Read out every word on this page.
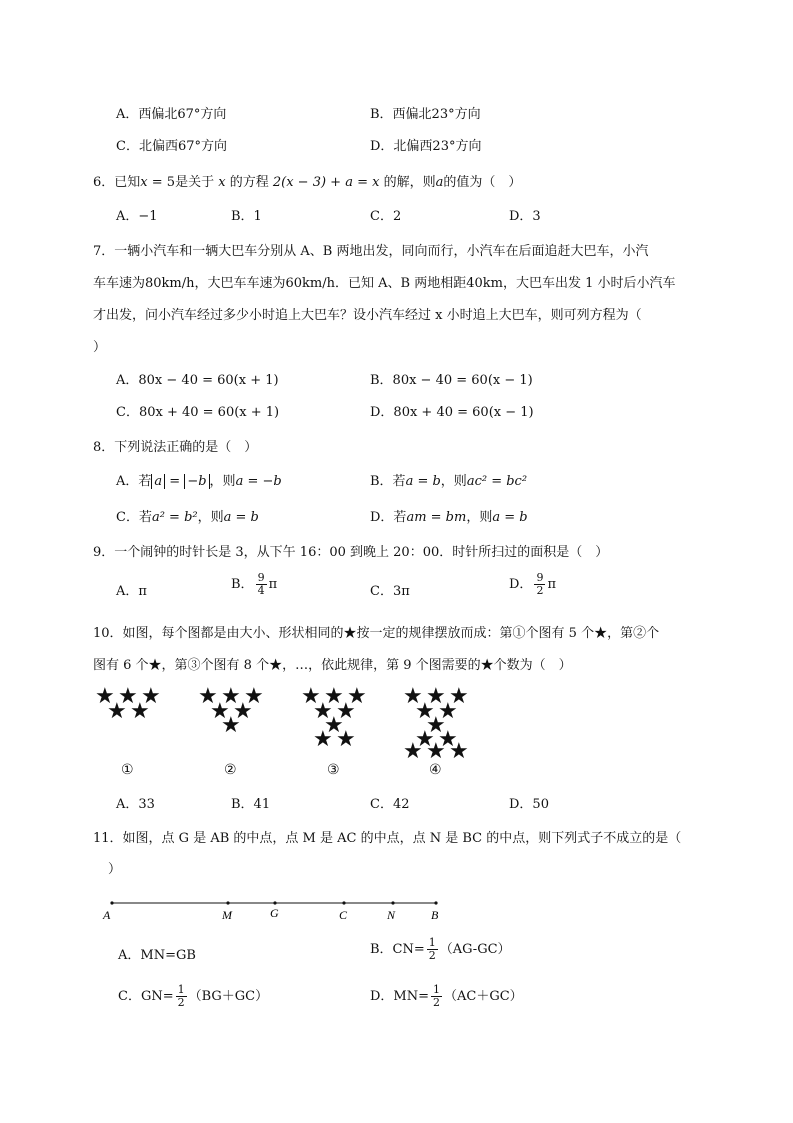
A．西偏北67°方向	B．西偏北23°方向
C．北偏西67°方向	D．北偏西23°方向
6．已知x = 5是关于 x 的方程 2(x − 3) + a = x 的解，则a的值为（　）
A．−1	B．1	C．2	D．3
7．一辆小汽车和一辆大巴车分别从 A、B 两地出发，同向而行，小汽车在后面追赶大巴车，小汽
车车速为80km/h，大巴车车速为60km/h．已知 A、B 两地相距40km，大巴车出发 1 小时后小汽车
才出发，问小汽车经过多少小时追上大巴车？设小汽车经过 x 小时追上大巴车，则可列方程为（
）
A．80x − 40 = 60(x + 1)	B．80x − 40 = 60(x − 1)
C．80x + 40 = 60(x + 1)	D．80x + 40 = 60(x − 1)
8．下列说法正确的是（　）
A．若 a = −b ，则a = −b	B．若a = b，则ac² = bc²
C．若a² = b²，则a = b	D．若am = bm，则a = b
9．一个闹钟的时针长是 3，从下午 16：00 到晚上 20：00．时针所扫过的面积是（　）
A．π	B． $\frac{9}{4}$ π	C．3π	D． $\frac{9}{2}$ π
10．如图，每个图都是由大小、形状相同的★按一定的规律摆放而成：第①个图有 5 个★，第②个
图有 6 个★，第③个图有 8 个★，…，依此规律，第 9 个图需要的★个数为（　）
★ ★ ★
★ ★
★ ★ ★
★ ★
★
★ ★ ★
★ ★
★
★ ★
★ ★ ★
★ ★
★
★ ★
★ ★ ★
①	②	③	④
A．33	B．41	C．42	D．50
11．如图，点 G 是 AB 的中点，点 M 是 AC 的中点，点 N 是 BC 的中点，则下列式子不成立的是（
）
A	M	G	C	N	B
A．MN=GB	B．$CN= \frac{1}{2} (AG-GC)$
C．$GN= \frac{1}{2} (BG+GC)$	D．$MN= \frac{1}{2} (AC+GC)$
